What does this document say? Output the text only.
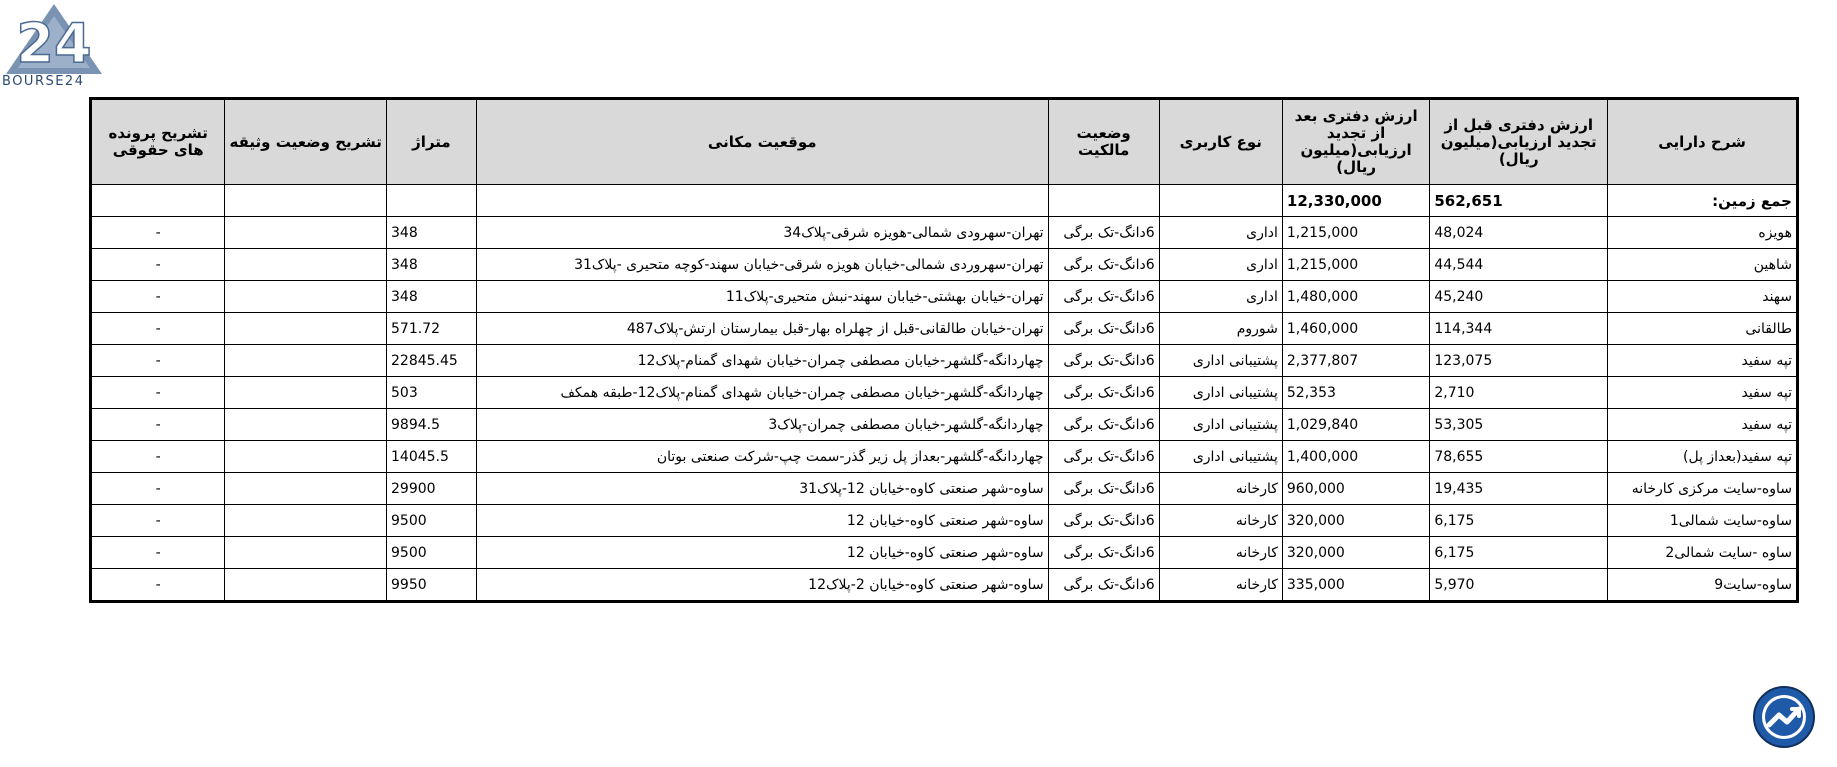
24
BOURSE24
شرح دارایی	ارزش دفتری قبل از تجدید ارزیابی(میلیون ریال)	ارزش دفتری بعد از تجدید ارزیابی(میلیون ریال)	نوع کاربری	وضعیت مالکیت	موقعیت مکانی	متراژ	تشریح وضعیت وثیقه	تشریح پرونده های حقوقی
جمع زمین:	562,651	12,330,000						
هویزه	48,024	1,215,000	اداری	6دانگ-تک برگی	تهران-سهرودی شمالی-هویزه شرقی-پلاک34	348		-
شاهین	44,544	1,215,000	اداری	6دانگ-تک برگی	تهران-سهروردی شمالی-خیابان هویزه شرقی-خیابان سهند-کوچه متحیری -پلاک31	348		-
سهند	45,240	1,480,000	اداری	6دانگ-تک برگی	تهران-خیابان بهشتی-خیابان سهند-نبش متحیری-پلاک11	348		-
طالقانی	114,344	1,460,000	شوروم	6دانگ-تک برگی	تهران-خیابان طالقانی-قبل از چهلراه بهار-قبل بیمارستان ارتش-پلاک487	571.72		-
تپه سفید	123,075	2,377,807	پشتیبانی اداری	6دانگ-تک برگی	چهاردانگه-گلشهر-خیابان مصطفی چمران-خیابان شهدای گمنام-پلاک12	22845.45		-
تپه سفید	2,710	52,353	پشتیبانی اداری	6دانگ-تک برگی	چهاردانگه-گلشهر-خیابان مصطفی چمران-خیابان شهدای گمنام-پلاک12-طبقه همکف	503		-
تپه سفید	53,305	1,029,840	پشتیبانی اداری	6دانگ-تک برگی	چهاردانگه-گلشهر-خیابان مصطفی چمران-پلاک3	9894.5		-
تپه سفید(بعداز پل)	78,655	1,400,000	پشتیبانی اداری	6دانگ-تک برگی	چهاردانگه-گلشهر-بعداز پل زیر گذر-سمت چپ-شرکت صنعتی بوتان	14045.5		-
ساوه-سایت مرکزی کارخانه	19,435	960,000	کارخانه	6دانگ-تک برگی	ساوه-شهر صنعتی کاوه-خیابان 12-پلاک31	29900		-
ساوه-سایت شمالی1	6,175	320,000	کارخانه	6دانگ-تک برگی	ساوه-شهر صنعتی کاوه-خیابان 12	9500		-
ساوه -سایت شمالی2	6,175	320,000	کارخانه	6دانگ-تک برگی	ساوه-شهر صنعتی کاوه-خیابان 12	9500		-
ساوه-سایت9	5,970	335,000	کارخانه	6دانگ-تک برگی	ساوه-شهر صنعتی کاوه-خیابان 2-پلاک12	9950		-
